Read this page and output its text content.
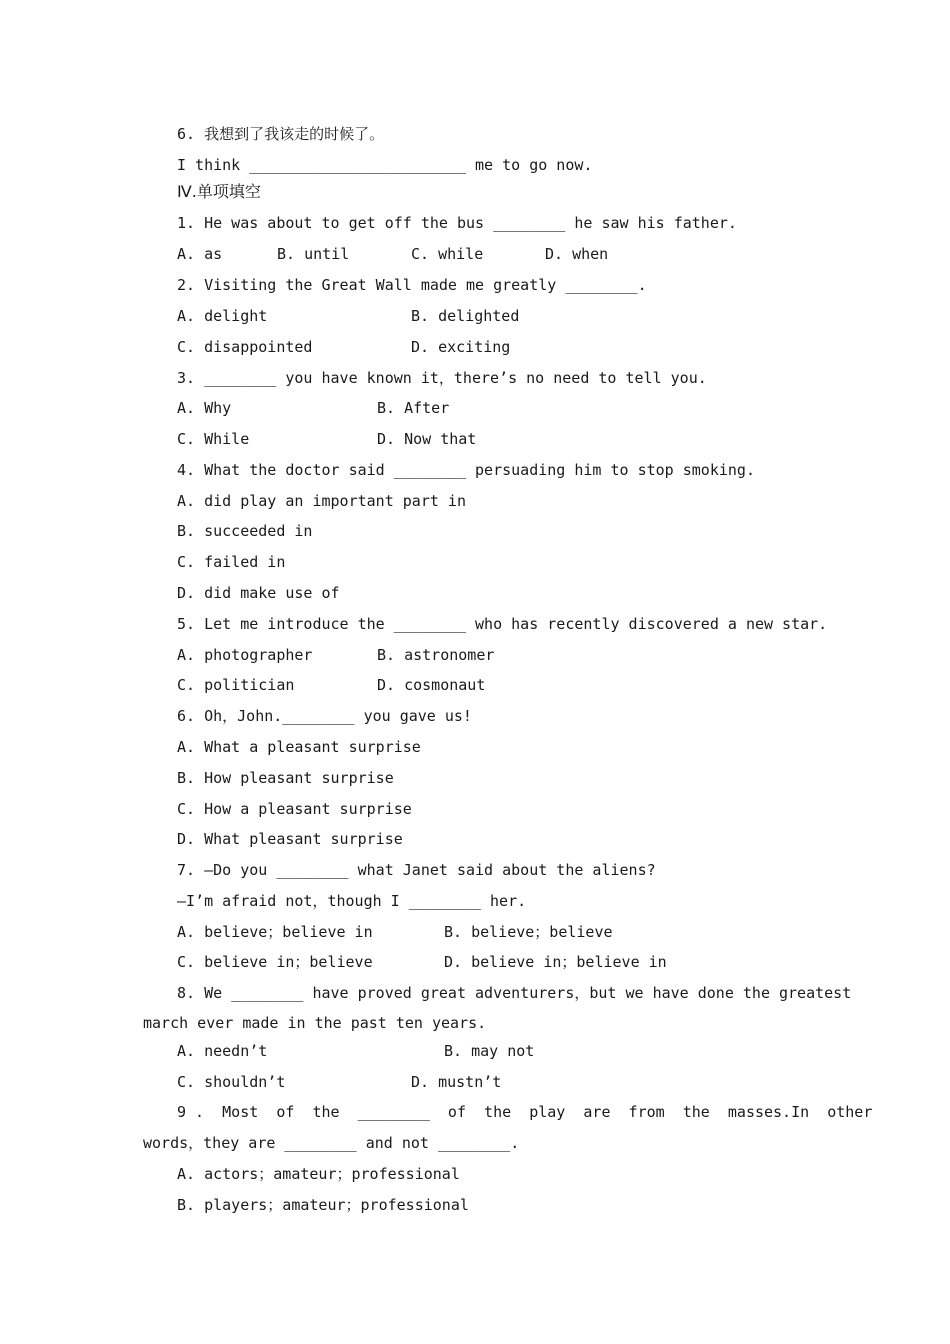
6. 我想到了我该走的时候了。
I think ________________________ me to go now.
Ⅳ.单项填空
1. He was about to get off the bus ________ he saw his father.
A. as	B. until	C. while	D. when
2. Visiting the Great Wall made me greatly ________.
A. delight	B. delighted
C. disappointed	D. exciting
3. ________ you have known it，there’s no need to tell you.
A. Why	B. After
C. While	D. Now that
4. What the doctor said ________ persuading him to stop smoking.
A. did play an important part in
B. succeeded in
C. failed in
D. did make use of
5. Let me introduce the ________ who has recently discovered a new star.
A. photographer	B. astronomer
C. politician	D. cosmonaut
6. Oh，John.________ you gave us!
A. What a pleasant surprise
B. How pleasant surprise
C. How a pleasant surprise
D. What pleasant surprise
7. —Do you ________ what Janet said about the aliens?
—I’m afraid not，though I ________ her.
A. believe；believe in	B. believe；believe
C. believe in；believe	D. believe in；believe in
8. We ________ have proved great adventurers，but we have done the greatest
march ever made in the past ten years.
A. needn’t	B. may not
C. shouldn’t	D. mustn’t
9 .  Most  of  the  ________  of  the  play  are  from  the  masses.In  other
words，they are ________ and not ________.
A. actors；amateur；professional
B. players；amateur；professional
